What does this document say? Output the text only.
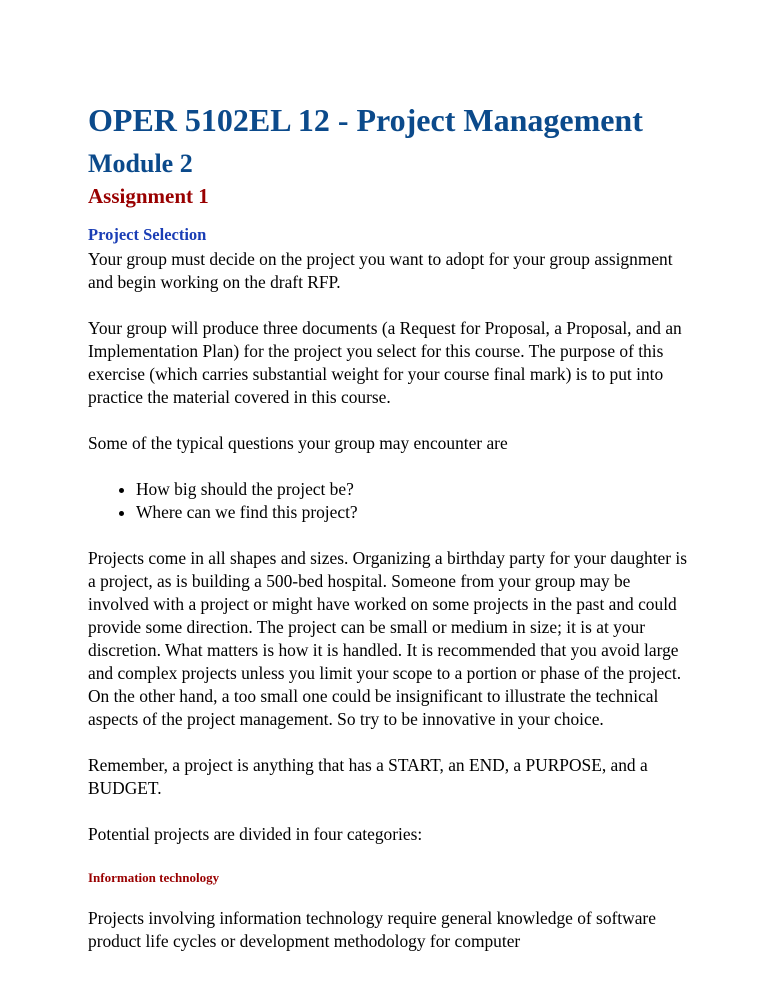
OPER 5102EL 12 - Project Management
Module 2
Assignment 1
Project Selection

Your group must decide on the project you want to adopt for your group assignment and begin working on the draft RFP.

Your group will produce three documents (a Request for Proposal, a Proposal, and an Implementation Plan) for the project you select for this course. The purpose of this exercise (which carries substantial weight for your course final mark) is to put into practice the material covered in this course.

Some of the typical questions your group may encounter are

• How big should the project be?
• Where can we find this project?

Projects come in all shapes and sizes. Organizing a birthday party for your daughter is a project, as is building a 500-bed hospital. Someone from your group may be involved with a project or might have worked on some projects in the past and could provide some direction. The project can be small or medium in size; it is at your discretion. What matters is how it is handled. It is recommended that you avoid large and complex projects unless you limit your scope to a portion or phase of the project. On the other hand, a too small one could be insignificant to illustrate the technical aspects of the project management. So try to be innovative in your choice.

Remember, a project is anything that has a START, an END, a PURPOSE, and a BUDGET.

Potential projects are divided in four categories:

Information technology

Projects involving information technology require general knowledge of software product life cycles or development methodology for computer
